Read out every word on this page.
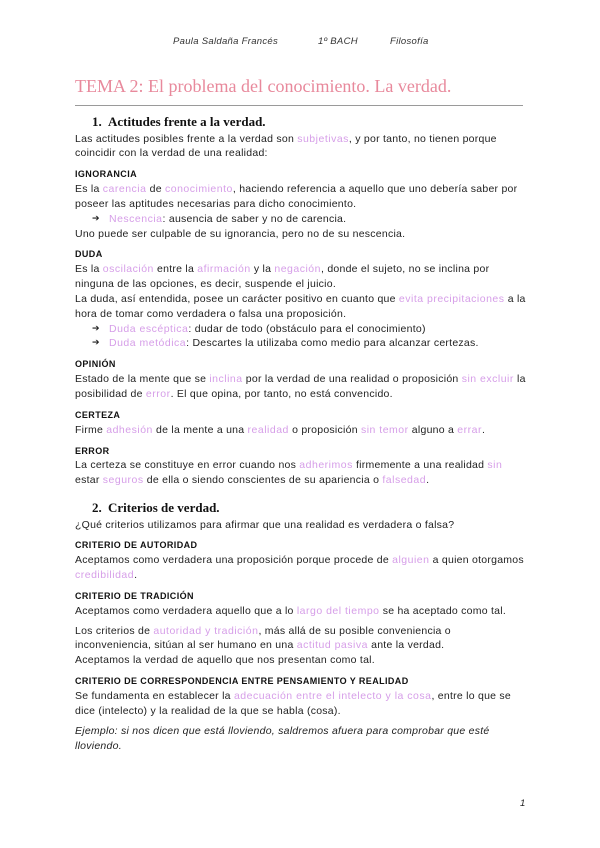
Paula Saldaña Francés	1º BACH	Filosofía
TEMA 2: El problema del conocimiento. La verdad.
1. Actitudes frente a la verdad.
Las actitudes posibles frente a la verdad son subjetivas, y por tanto, no tienen porque
coincidir con la verdad de una realidad:
IGNORANCIA
Es la carencia de conocimiento, haciendo referencia a aquello que uno debería saber por
poseer las aptitudes necesarias para dicho conocimiento.
➔
Nescencia: ausencia de saber y no de carencia.
Uno puede ser culpable de su ignorancia, pero no de su nescencia.
DUDA
Es la oscilación entre la afirmación y la negación, donde el sujeto, no se inclina por
ninguna de las opciones, es decir, suspende el juicio.
La duda, así entendida, posee un carácter positivo en cuanto que evita precipitaciones a la
hora de tomar como verdadera o falsa una proposición.
➔
Duda escéptica: dudar de todo (obstáculo para el conocimiento)
➔
Duda metódica: Descartes la utilizaba como medio para alcanzar certezas.
OPINIÓN
Estado de la mente que se inclina por la verdad de una realidad o proposición sin excluir la
posibilidad de error. El que opina, por tanto, no está convencido.
CERTEZA
Firme adhesión de la mente a una realidad o proposición sin temor alguno a errar.
ERROR
La certeza se constituye en error cuando nos adherimos firmemente a una realidad sin
estar seguros de ella o siendo conscientes de su apariencia o falsedad.
2. Criterios de verdad.
¿Qué criterios utilizamos para afirmar que una realidad es verdadera o falsa?
CRITERIO DE AUTORIDAD
Aceptamos como verdadera una proposición porque procede de alguien a quien otorgamos
credibilidad.
CRITERIO DE TRADICIÓN
Aceptamos como verdadera aquello que a lo largo del tiempo se ha aceptado como tal.
Los criterios de autoridad y tradición, más allá de su posible conveniencia o
inconveniencia, sitúan al ser humano en una actitud pasiva ante la verdad.
Aceptamos la verdad de aquello que nos presentan como tal.
CRITERIO DE CORRESPONDENCIA ENTRE PENSAMIENTO Y REALIDAD
Se fundamenta en establecer la adecuación entre el intelecto y la cosa, entre lo que se
dice (intelecto) y la realidad de la que se habla (cosa).
Ejemplo: si nos dicen que está lloviendo, saldremos afuera para comprobar que esté
lloviendo.
1
